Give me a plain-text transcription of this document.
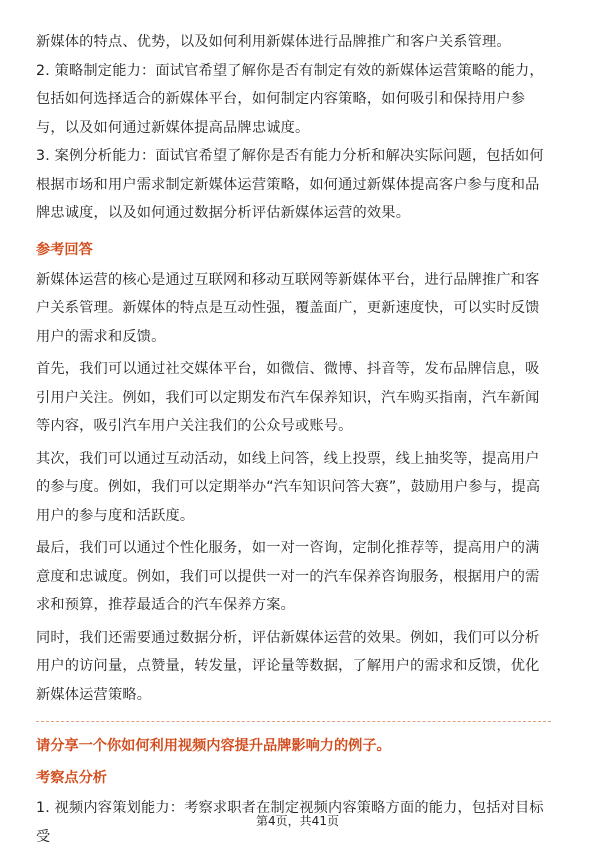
新媒体的特点、优势，以及如何利用新媒体进行品牌推广和客户关系管理。

2. 策略制定能力：面试官希望了解你是否有制定有效的新媒体运营策略的能力，包括如何选择适合的新媒体平台，如何制定内容策略，如何吸引和保持用户参与，以及如何通过新媒体提高品牌忠诚度。

3. 案例分析能力：面试官希望了解你是否有能力分析和解决实际问题，包括如何根据市场和用户需求制定新媒体运营策略，如何通过新媒体提高客户参与度和品牌忠诚度，以及如何通过数据分析评估新媒体运营的效果。

参考回答

新媒体运营的核心是通过互联网和移动互联网等新媒体平台，进行品牌推广和客户关系管理。新媒体的特点是互动性强，覆盖面广，更新速度快，可以实时反馈用户的需求和反馈。

首先，我们可以通过社交媒体平台，如微信、微博、抖音等，发布品牌信息，吸引用户关注。例如，我们可以定期发布汽车保养知识，汽车购买指南，汽车新闻等内容，吸引汽车用户关注我们的公众号或账号。

其次，我们可以通过互动活动，如线上问答，线上投票，线上抽奖等，提高用户的参与度。例如，我们可以定期举办“汽车知识问答大赛”，鼓励用户参与，提高用户的参与度和活跃度。

最后，我们可以通过个性化服务，如一对一咨询，定制化推荐等，提高用户的满意度和忠诚度。例如，我们可以提供一对一的汽车保养咨询服务，根据用户的需求和预算，推荐最适合的汽车保养方案。

同时，我们还需要通过数据分析，评估新媒体运营的效果。例如，我们可以分析用户的访问量，点赞量，转发量，评论量等数据，了解用户的需求和反馈，优化新媒体运营策略。

请分享一个你如何利用视频内容提升品牌影响力的例子。
考察点分析

1. 视频内容策划能力：考察求职者在制定视频内容策略方面的能力，包括对目标受

第4页，共41页
